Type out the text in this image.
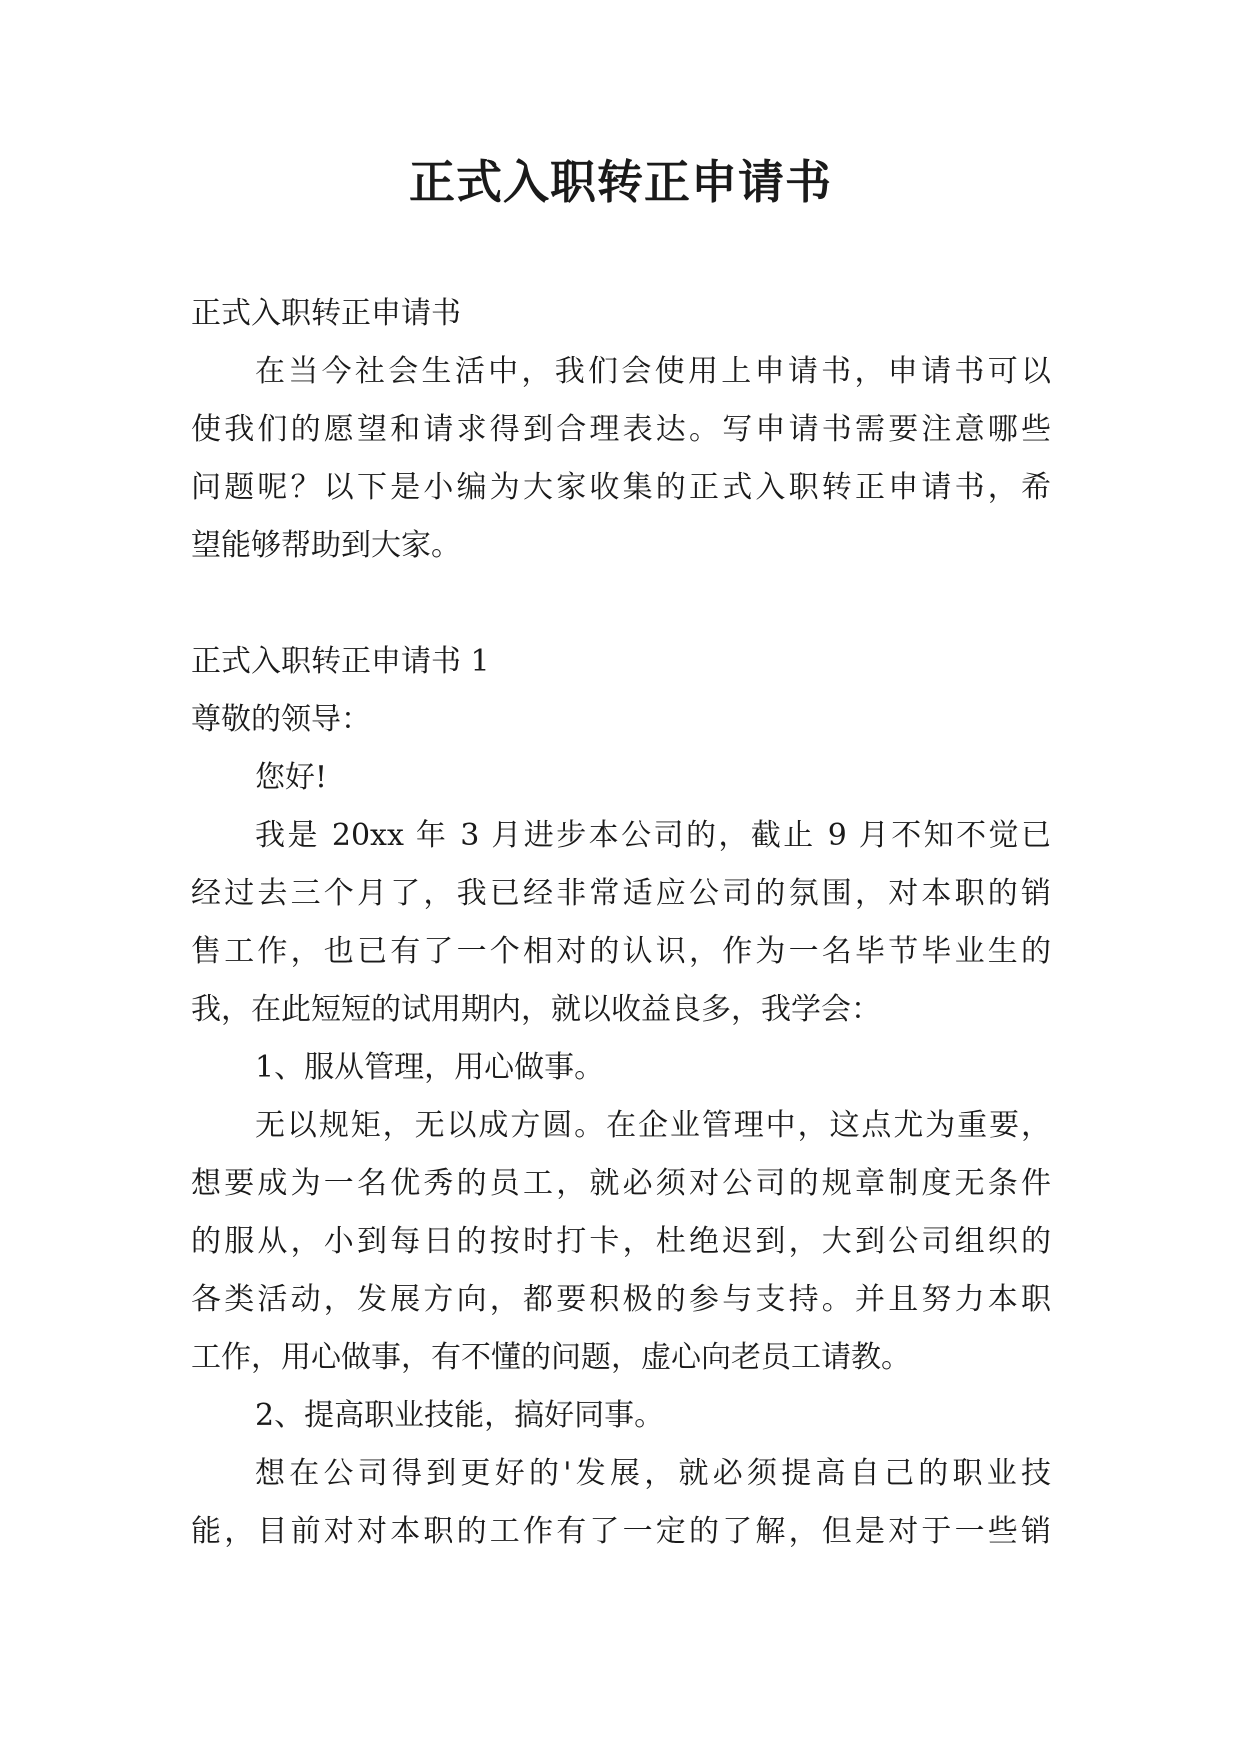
正式入职转正申请书
正式入职转正申请书
在当今社会生活中，我们会使用上申请书，申请书可以
使我们的愿望和请求得到合理表达。写申请书需要注意哪些
问题呢？以下是小编为大家收集的正式入职转正申请书，希
望能够帮助到大家。
正式入职转正申请书 1
尊敬的领导：
您好!
我是 20xx 年 3 月进步本公司的，截止 9 月不知不觉已
经过去三个月了，我已经非常适应公司的氛围，对本职的销
售工作，也已有了一个相对的认识，作为一名毕节毕业生的
我，在此短短的试用期内，就以收益良多，我学会：
1、服从管理，用心做事。
无以规矩，无以成方圆。在企业管理中，这点尤为重要，
想要成为一名优秀的员工，就必须对公司的规章制度无条件
的服从，小到每日的按时打卡，杜绝迟到，大到公司组织的
各类活动，发展方向，都要积极的参与支持。并且努力本职
工作，用心做事，有不懂的问题，虚心向老员工请教。
2、提高职业技能，搞好同事。
想在公司得到更好的'发展，就必须提高自己的职业技
能，目前对对本职的工作有了一定的了解，但是对于一些销
